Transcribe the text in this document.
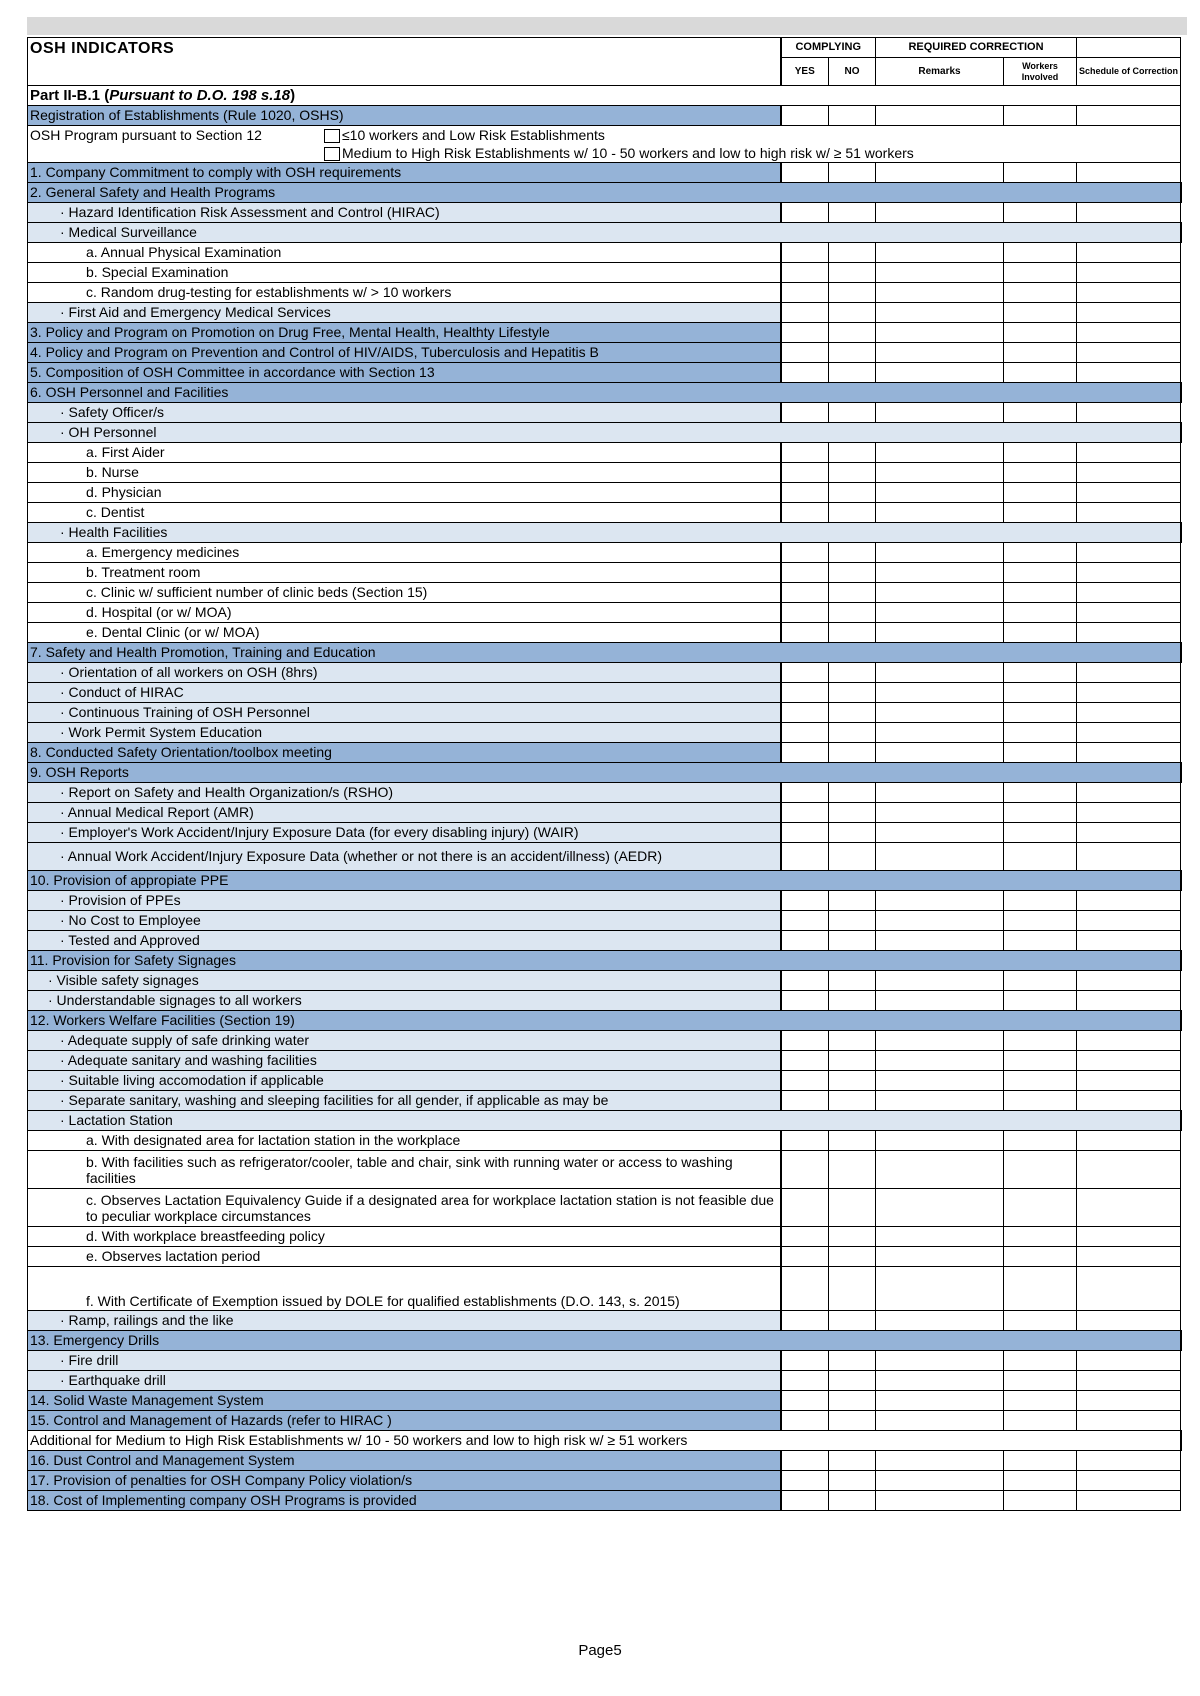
OSH INDICATORS	COMPLYING		REQUIRED CORRECTION		
	YES	NO	Remarks	Workers Involved	Schedule of Correction
Part II-B.1 (Pursuant to D.O. 198 s.18)					
Registration of Establishments (Rule 1020, OSHS)					

OSH Program pursuant to Section 12 ≤10 workers and Low Risk Establishments
Medium to High Risk Establishments w/ 10 - 50 workers and low to high risk w/ ≥ 51 workers					

1. Company Commitment to comply with OSH requirements					
2. General Safety and Health Programs					
· Hazard Identification Risk Assessment and Control (HIRAC)					
· Medical Surveillance					
a. Annual Physical Examination					
b. Special Examination					
c. Random drug-testing for establishments w/ > 10 workers					
· First Aid and Emergency Medical Services					
3. Policy and Program on Promotion on Drug Free, Mental Health, Healthty Lifestyle					
4. Policy and Program on Prevention and Control of HIV/AIDS, Tuberculosis and Hepatitis B					
5. Composition of OSH Committee in accordance with Section 13					
6. OSH Personnel and Facilities					
· Safety Officer/s					
· OH Personnel					
a. First Aider					
b. Nurse					
d. Physician					
c. Dentist					
· Health Facilities					
a. Emergency medicines					
b. Treatment room					
c. Clinic w/ sufficient number of clinic beds (Section 15)					
d. Hospital (or w/ MOA)					
e. Dental Clinic (or w/ MOA)					
7. Safety and Health Promotion, Training and Education					
· Orientation of all workers on OSH (8hrs)					
· Conduct of HIRAC					
· Continuous Training of OSH Personnel					
· Work Permit System Education					
8. Conducted Safety Orientation/toolbox meeting					
9. OSH Reports					
· Report on Safety and Health Organization/s (RSHO)					
· Annual Medical Report (AMR)					
· Employer's Work Accident/Injury Exposure Data (for every disabling injury) (WAIR)					
· Annual Work Accident/Injury Exposure Data (whether or not there is an accident/illness) (AEDR)					
10. Provision of appropiate PPE					
· Provision of PPEs					
· No Cost to Employee					
· Tested and Approved					
11. Provision for Safety Signages					
· Visible safety signages					
· Understandable signages to all workers					
12. Workers Welfare Facilities (Section 19)					
· Adequate supply of safe drinking water					
· Adequate sanitary and washing facilities					
· Suitable living accomodation if applicable					
· Separate sanitary, washing and sleeping facilities for all gender, if applicable as may be					
· Lactation Station					
a. With designated area for lactation station in the workplace					
b. With facilities such as refrigerator/cooler, table and chair, sink with running water or access to washing facilities					
c. Observes Lactation Equivalency Guide if a designated area for workplace lactation station is not feasible due to peculiar workplace circumstances					
d. With workplace breastfeeding policy					
e. Observes lactation period					
f. With Certificate of Exemption issued by DOLE for qualified establishments (D.O. 143, s. 2015)					
· Ramp, railings and the like					
13. Emergency Drills					
· Fire drill					
· Earthquake drill					
14. Solid Waste Management System					
15. Control and Management of Hazards (refer to HIRAC )					
Additional for Medium to High Risk Establishments w/ 10 - 50 workers and low to high risk w/ ≥ 51 workers					
16. Dust Control and Management System					
17. Provision of penalties for OSH Company Policy violation/s					
18. Cost of Implementing company OSH Programs is provided					
Page5
